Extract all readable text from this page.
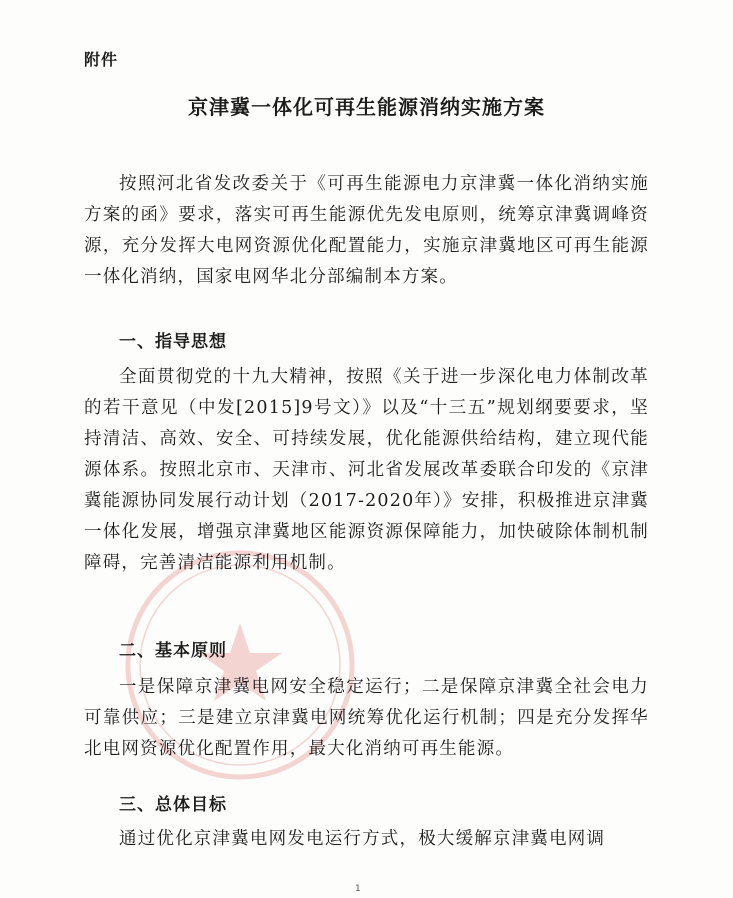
附件
京津冀一体化可再生能源消纳实施方案

按照河北省发改委关于《可再生能源电力京津冀一体化消纳实施方案的函》要求，落实可再生能源优先发电原则，统筹京津冀调峰资源，充分发挥大电网资源优化配置能力，实施京津冀地区可再生能源一体化消纳，国家电网华北分部编制本方案。

一、指导思想

全面贯彻党的十九大精神，按照《关于进一步深化电力体制改革的若干意见（中发[2015]9号文）》以及“十三五”规划纲要要求，坚持清洁、高效、安全、可持续发展，优化能源供给结构，建立现代能源体系。按照北京市、天津市、河北省发展改革委联合印发的《京津冀能源协同发展行动计划（2017-2020年）》安排，积极推进京津冀一体化发展，增强京津冀地区能源资源保障能力，加快破除体制机制障碍，完善清洁能源利用机制。

二、基本原则

一是保障京津冀电网安全稳定运行；二是保障京津冀全社会电力可靠供应；三是建立京津冀电网统筹优化运行机制；四是充分发挥华北电网资源优化配置作用，最大化消纳可再生能源。

三、总体目标

通过优化京津冀电网发电运行方式，极大缓解京津冀电网调

1
